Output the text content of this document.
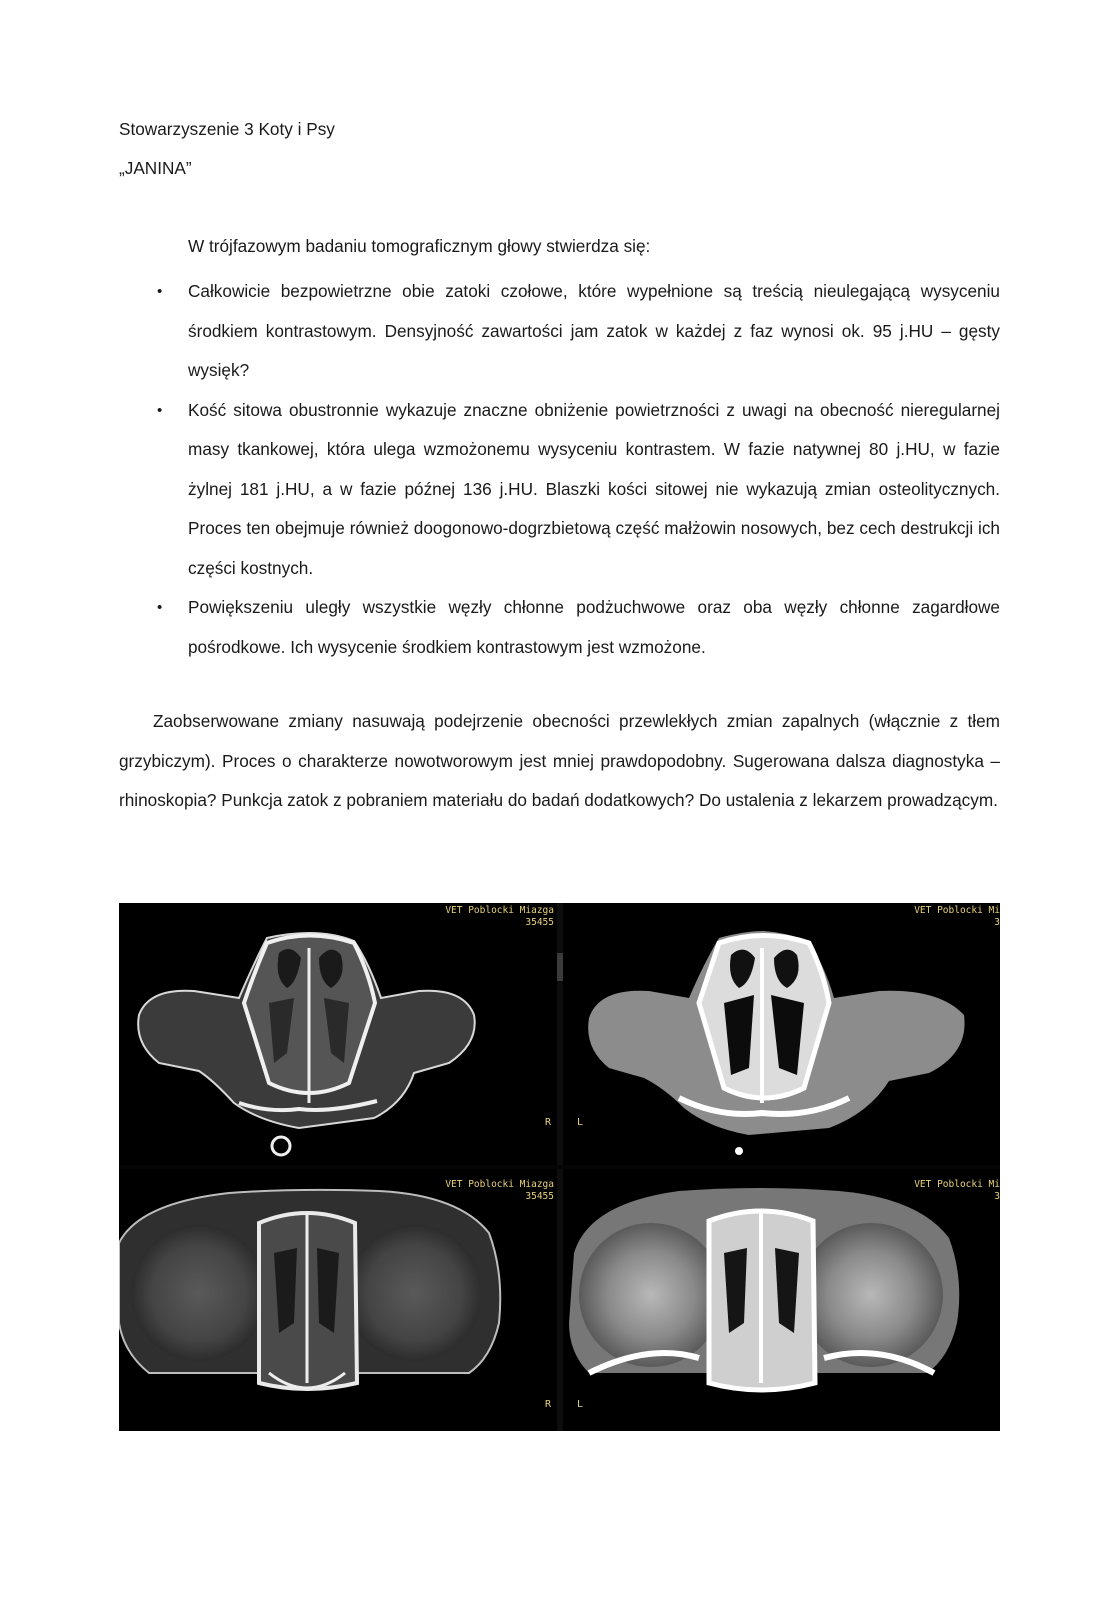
Stowarzyszenie 3 Koty i Psy
„JANINA”
W trójfazowym badaniu tomograficznym głowy stwierdza się:
• Całkowicie bezpowietrzne obie zatoki czołowe, które wypełnione są treścią nieulegającą wysyceniu środkiem kontrastowym. Densyjność zawartości jam zatok w każdej z faz wynosi ok. 95 j.HU – gęsty wysięk?
• Kość sitowa obustronnie wykazuje znaczne obniżenie powietrzności z uwagi na obecność nieregularnej masy tkankowej, która ulega wzmożonemu wysyceniu kontrastem. W fazie natywnej 80 j.HU, w fazie żylnej 181 j.HU, a w fazie późnej 136 j.HU. Blaszki kości sitowej nie wykazują zmian osteolitycznych. Proces ten obejmuje również doogonowo-dogrzbietową część małżowin nosowych, bez cech destrukcji ich części kostnych.
• Powiększeniu uległy wszystkie węzły chłonne podżuchwowe oraz oba węzły chłonne zagardłowe pośrodkowe. Ich wysycenie środkiem kontrastowym jest wzmożone.

Zaobserwowane zmiany nasuwają podejrzenie obecności przewlekłych zmian zapalnych (włącznie z tłem grzybiczym). Proces o charakterze nowotworowym jest mniej prawdopodobny. Sugerowana dalsza diagnostyka – rhinoskopia? Punkcja zatok z pobraniem materiału do badań dodatkowych? Do ustalenia z lekarzem prowadzącym.

VET Poblocki Miazga
35455
VET Poblocki Mi
3
VET Poblocki Miazga
35455
VET Poblocki Mi
3
R	L
R	L
